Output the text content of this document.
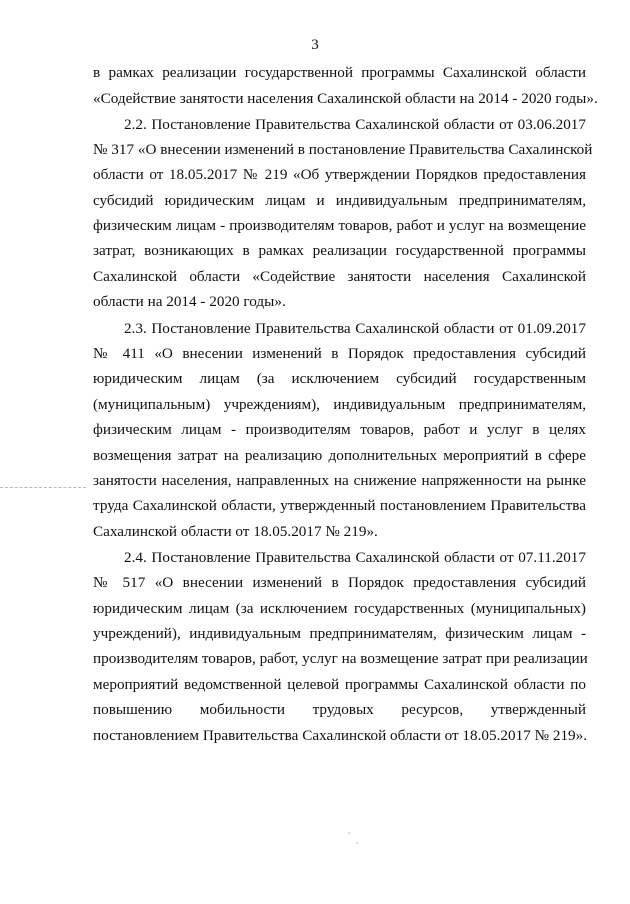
3
в рамках реализации государственной программы Сахалинской области
«Содействие занятости населения Сахалинской области на 2014 - 2020 годы».
2.2. Постановление Правительства Сахалинской области от 03.06.2017
№ 317 «О внесении изменений в постановление Правительства Сахалинской
области от 18.05.2017 № 219 «Об утверждении Порядков предоставления
субсидий юридическим лицам и индивидуальным предпринимателям,
физическим лицам - производителям товаров, работ и услуг на возмещение
затрат, возникающих в рамках реализации государственной программы
Сахалинской области «Содействие занятости населения Сахалинской
области на 2014 - 2020 годы».
2.3. Постановление Правительства Сахалинской области от 01.09.2017
№ 411 «О внесении изменений в Порядок предоставления субсидий
юридическим лицам (за исключением субсидий государственным
(муниципальным) учреждениям), индивидуальным предпринимателям,
физическим лицам - производителям товаров, работ и услуг в целях
возмещения затрат на реализацию дополнительных мероприятий в сфере
занятости населения, направленных на снижение напряженности на рынке
труда Сахалинской области, утвержденный постановлением Правительства
Сахалинской области от 18.05.2017 № 219».
2.4. Постановление Правительства Сахалинской области от 07.11.2017
№ 517 «О внесении изменений в Порядок предоставления субсидий
юридическим лицам (за исключением государственных (муниципальных)
учреждений), индивидуальным предпринимателям, физическим лицам -
производителям товаров, работ, услуг на возмещение затрат при реализации
мероприятий ведомственной целевой программы Сахалинской области по
повышению мобильности трудовых ресурсов, утвержденный
постановлением Правительства Сахалинской области от 18.05.2017 № 219».
